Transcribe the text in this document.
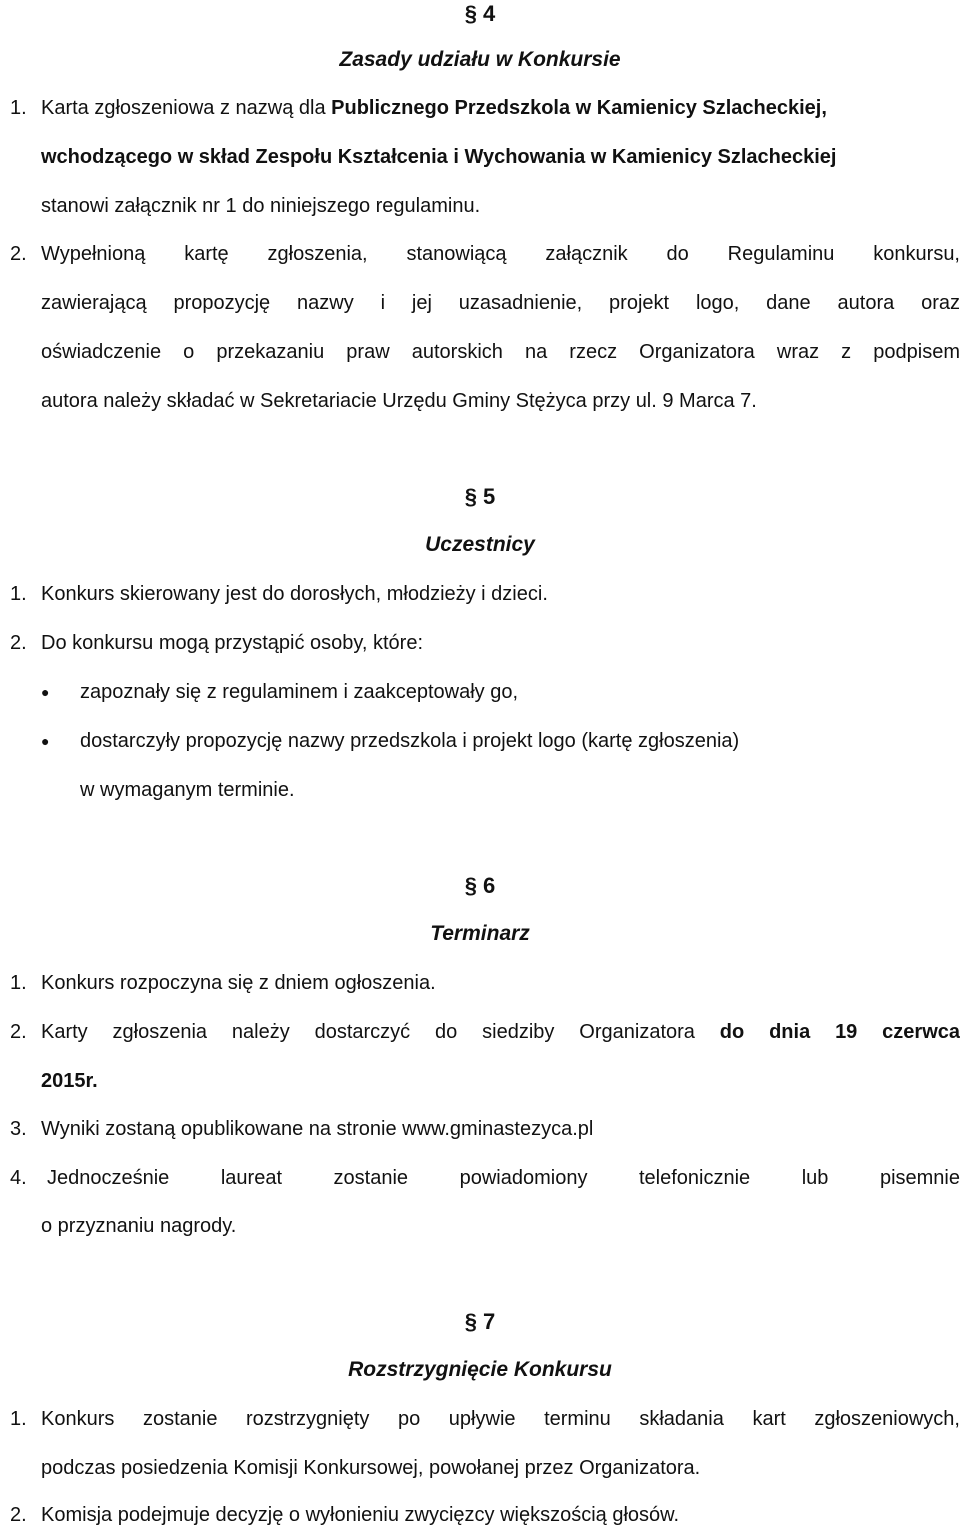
§ 4
Zasady udziału w Konkursie
1. Karta zgłoszeniowa z nazwą dla Publicznego Przedszkola w Kamienicy Szlacheckiej,
wchodzącego w skład Zespołu Kształcenia i Wychowania w Kamienicy Szlacheckiej
stanowi załącznik nr 1 do niniejszego regulaminu.
2. Wypełnioną kartę zgłoszenia, stanowiącą załącznik do Regulaminu konkursu,
zawierającą propozycję nazwy i jej uzasadnienie, projekt logo, dane autora oraz
oświadczenie o przekazaniu praw autorskich na rzecz Organizatora wraz z podpisem
autora należy składać w Sekretariacie Urzędu Gminy Stężyca przy ul. 9 Marca 7.
§ 5
Uczestnicy
1. Konkurs skierowany jest do dorosłych, młodzieży i dzieci.
2. Do konkursu mogą przystąpić osoby, które:
● zapoznały się z regulaminem i zaakceptowały go,
● dostarczyły propozycję nazwy przedszkola i projekt logo (kartę zgłoszenia)
w wymaganym terminie.
§ 6
Terminarz
1. Konkurs rozpoczyna się z dniem ogłoszenia.
2. Karty zgłoszenia należy dostarczyć do siedziby Organizatora do dnia 19 czerwca
2015r.
3. Wyniki zostaną opublikowane na stronie www.gminastezyca.pl
4. Jednocześnie laureat zostanie powiadomiony telefonicznie lub pisemnie
o przyznaniu nagrody.
§ 7
Rozstrzygnięcie Konkursu
1. Konkurs zostanie rozstrzygnięty po upływie terminu składania kart zgłoszeniowych,
podczas posiedzenia Komisji Konkursowej, powołanej przez Organizatora.
2. Komisja podejmuje decyzję o wyłonieniu zwycięzcy większością głosów.
